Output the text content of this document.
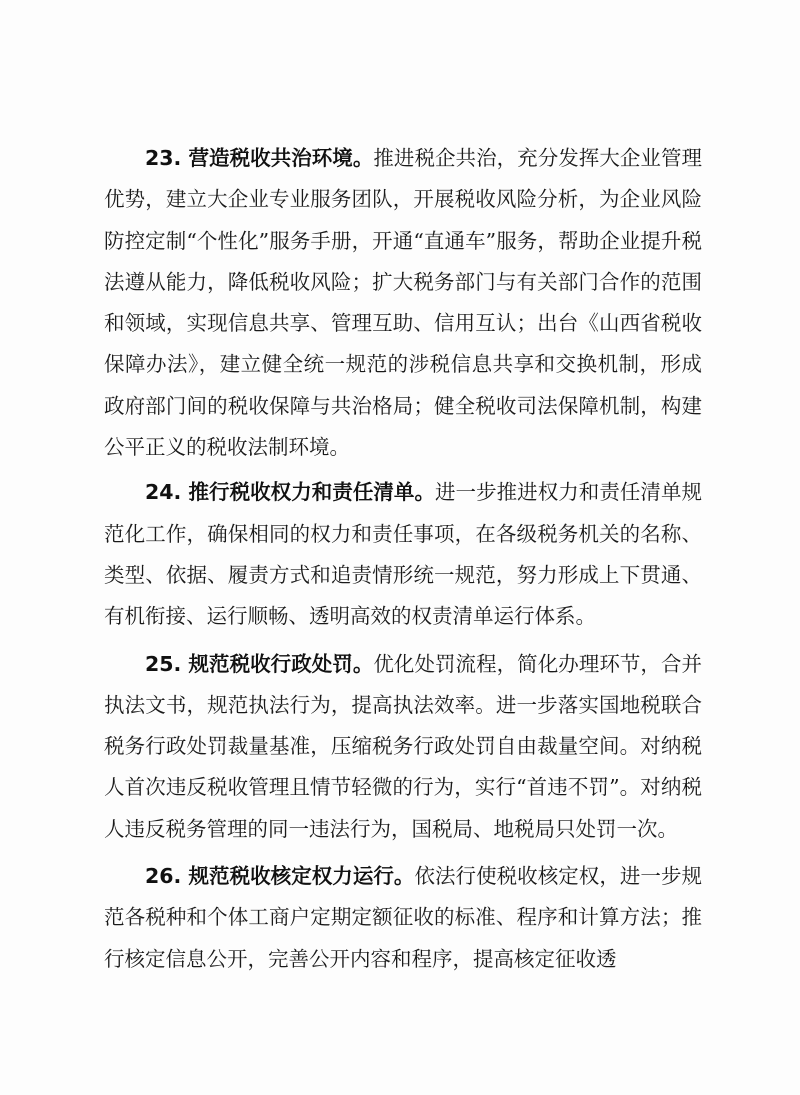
23. 营造税收共治环境。推进税企共治，充分发挥大企业管理优势，建立大企业专业服务团队，开展税收风险分析，为企业风险防控定制“个性化”服务手册，开通“直通车”服务，帮助企业提升税法遵从能力，降低税收风险；扩大税务部门与有关部门合作的范围和领域，实现信息共享、管理互助、信用互认；出台《山西省税收保障办法》，建立健全统一规范的涉税信息共享和交换机制，形成政府部门间的税收保障与共治格局；健全税收司法保障机制，构建公平正义的税收法制环境。

24. 推行税收权力和责任清单。进一步推进权力和责任清单规范化工作，确保相同的权力和责任事项，在各级税务机关的名称、类型、依据、履责方式和追责情形统一规范，努力形成上下贯通、有机衔接、运行顺畅、透明高效的权责清单运行体系。

25. 规范税收行政处罚。优化处罚流程，简化办理环节，合并执法文书，规范执法行为，提高执法效率。进一步落实国地税联合税务行政处罚裁量基准，压缩税务行政处罚自由裁量空间。对纳税人首次违反税收管理且情节轻微的行为，实行“首违不罚”。对纳税人违反税务管理的同一违法行为，国税局、地税局只处罚一次。

26. 规范税收核定权力运行。依法行使税收核定权，进一步规范各税种和个体工商户定期定额征收的标准、程序和计算方法；推行核定信息公开，完善公开内容和程序，提高核定征收透
